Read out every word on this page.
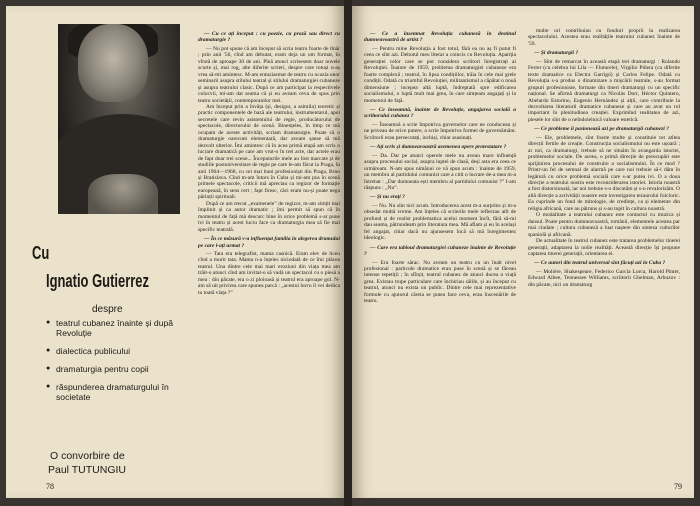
Cu
Ignatio Gutierrez
despre
● teatrul cubanez înainte și după Revoluție
● dialectica publicului
● dramaturgia pentru copii
● răspunderea dramaturgului în societate
O convorbire de
Paul TUTUNGIU

— Cu ce ați început : cu poezie, cu proză sau direct cu dramaturgie ?

— Nu pot spune că am început să scriu teatru foarte de tînăr ; prin anii '56, cînd am debutat, eram deja un om format, în vîrstă de aproape 30 de ani. Pînă atunci scrisesem doar nuvele scurte și, mai rog, alte diferite scrieri, despre care totuși n-aș vrea să-mi amintesc. M-am entuziasmat de teatru cu ocazia unor seminarii asupra stilului teatral și stilului dramaturgiei cubaneze și asupra teatrului clasic. După ce am participat la respectivele colocvii, mi-am dat seama că și eu aveam ceva de spus prin teatru societății, contemporanilor mei.

Am început prin a învăța (și, desigur, a asimila) teoretic și practic componentele de bază ale teatrului, instrumentarul, apoi secretele care revin asistentului de regie, producătorului de spectacole, directorului de scenă. Binențeles, în timp ce mă ocupam de aceste activități, scriam dramaturgie. Poate că o dramaturgie oarecum elementară, dar aveam șanse să mă dezvolt ulterior. Îmi amintesc că în acea primă etapă am scris o lucrare dramatică pe care am vrut-o în trei acte, dar actele erau de fapt doar trei scene... Începuturile mele au fost marcate și de studiile postuniversitare de regie pe care le-am făcut la Praga, în anii 1964—1968, cu cei mai buni profesioniști din Praga, Brno și Bratislava. Cînd m-am întors în Cuba și mi-am pus în scenă primele spectacole, criticii mă apreciau ca regizor de formație europeană, în sens cert ; fapt firesc, căci eram nu-și poate nega părinții spirituali.

După ce am trecut „examenele” de regizor, m-am simțit mai împlinit și ca autor dramatic ; îmi permit să spun că în momentul de față mă descurc bine în orice problemă s-ar pune ivi în teatru și acest lucru face ca dramaturgia mea să fie mai specific teatrală.

— În ce măsură v-a influențat familia în alegerea drumului pe care l-ați urmat ?

— Tata era telegrafist, mama casnică. Eram elev de liceu cînd a murit tata. Mama n-a înțeles niciodată de ce îmi plăcea teatrul. Una dintre cele mai mari eroziuni din viața mea am trăit-o atunci cînd am invitat-o să vadă un spectacol cu o piesă a mea : din păcate, era o zi ploioasă și teatrul era aproape gol. N-am să uit privirea care spunea parcă : „acestui lucru îi vei dedica tu toată viața ?”

78

— Ce a însemnat Revoluția cubaneză în destinul dumneavoastră de artist ?

— Pentru mine Revoluția a fost totul, fără ea nu aș fi putut fi ceea ce sînt azi. Debutul meu literar a coincis cu Revoluția. Apariția generației celor care se pot considera scriitori înregistrați ai Revoluției. Înainte de 1959, problema dramaturgiei cubaneze era foarte complexă ; teatrul, în lipsa condițiilor, trăia în cele mai grele condiții. Odată cu triumful Revoluției, militantismul a căpătat o nouă dimensiune ; incepea altă luptă, îndreptată spre edificarea socialismului, o luptă mult mai grea, în care simțeam angajați și la momentul de față.

— Ce înseamnă, înainte de Revoluție, angajarea socială a scriitorului cubanez ?

— Înseamnă a scrie împotriva guvernelor care ne conduceau și ne priveau de orice putere, a scrie împotriva formei de guvernământ. Scriitorii erau persecutați, inchiși, chiar asasinați.

— Ați scris și dumneavoastră asemenea opere protestatare ?

— Da. Dar pe atunci operele mele nu aveau mare influență asupra procesului social, asupra luptei de clasă, deși asta era ceea ce urmăream. N-am spus nimănui ce vă spun acum : înainte de 1959, un membru al partidului comunist care a citit o lucrare de-a mea m-a întrebat : „Dar dumneata ești membru al partidului comunist ?” I-am răspuns : „Nu”.

— Și nu erați ?

— Nu. Nu sînt nici acum. Introducerea acest m-a surprins și m-a obsedat multă vreme. Am înțeles că scrierile mele reflectau atît de profund și de realist problematica acelui moment încît, fără să-mi dau seama, pătrundeam prin literatura mea. Mă aflam și eu în același fel angajat, chiar dacă nu ajunsesem încă să mă înregimentez ideologic.

— Care era tabloul dramaturgiei cubaneze înainte de Revoluție ?

— Era foarte sărac. Nu aveam un teatru cu un înalt nivel profesional : particule dramatice erau puse în scenă și se făceau intense repetiții ; în sfîrșit, teatrul cubanez de atunci ducea o viață grea. Existau trupe particulare care închiriau sălile, și au început cu teatrul, atunci nu exista un public. Dintre cele mai reprezentative formule cu ajutorul căreia se putea face ceva, erau înscenările de teatru.

multe ori contribuiau cu fonduri proprii la realizarea spectacolului. Acestea erau realitățile teatrului cubanez înainte de '59.

— Și dramaturgii ?

— Sînt de remarcat în această etapă trei dramaturgi : Rolando Ferrer (cu celebra lui Lila — Fluturele), Virgilio Piñera (cu diferite texte dramatice ca Electra Garrigó) și Carlos Felipe. Odată cu Revoluția s-a produs o dinamizare a mișcării teatrale, s-au format grupuri profesioniste, formate din tineri dramaturgi cu un specific național. Se afirmă dramaturgi ca Nicolás Dorr, Héctor Quintero, Abelardo Estorino, Eugenio Hernández și alții, care contribuie la dezvoltarea literaturii dramatice cubaneze și care au avut un rol important în plenitudinea creației. Exprimînd realitatea de azi, piesele lor sînt de o neîndoielnică valoare estetică.

— Ce probleme îi pasionează azi pe dramaturgii cubanezi ?

— Ele, problemele, sînt foarte multe și constituie tot atîtea direcții fertile de creație. Construcția socialismului nu este ușoară ; ar noi, ca dramaturgi, trebuie să ne situăm în avangarda istoriei, problemelor sociale. De aceea, o primă direcție de preocupări este sprijinirea procesului de construire a socialismului. În ce mod ? Printr-un fel de semnal de alarmă pe care noi trebuie să-l dăm în legătură cu orice problemă socială care s-ar putea ivi. O a doua direcție a teatrului nostru este reconsiderarea istoriei. Istoria noastră a fost distorsionată, iar noi trebuie s-o discutăm și s-o revalorizăm. O altă direcție a activității noastre este investigarea tezaurului folcloric. Ea cuprinde un fond de mitologie, de credințe, ca și elemente din religia africană, care au pătruns și s-au topit în cultura noastră.

O modalitate a teatrului cubanez este contactul cu muzica și dansul. Poate pentru dumneavoastră, românii, elementele acestea par mai ciudate ; cultura cubaneză a luat naștere din sinteza culturilor spaniolă și africană.

De actualitate în teatrul cubanez este tratarea problemelor tinerei generații, adaptarea la noile realități. Această direcție își propune captarea tinerei generații, orientarea ei.

— Ce autori din teatrul universal sînt făcuți azi în Cuba ?

— Molière, Shakespeare, Federico García Lorca, Harold Pinter, Edward Albee, Tennessee Williams, scriitorii Ghelman, Arbuzov : din păcate, nici un dramaturg

79
